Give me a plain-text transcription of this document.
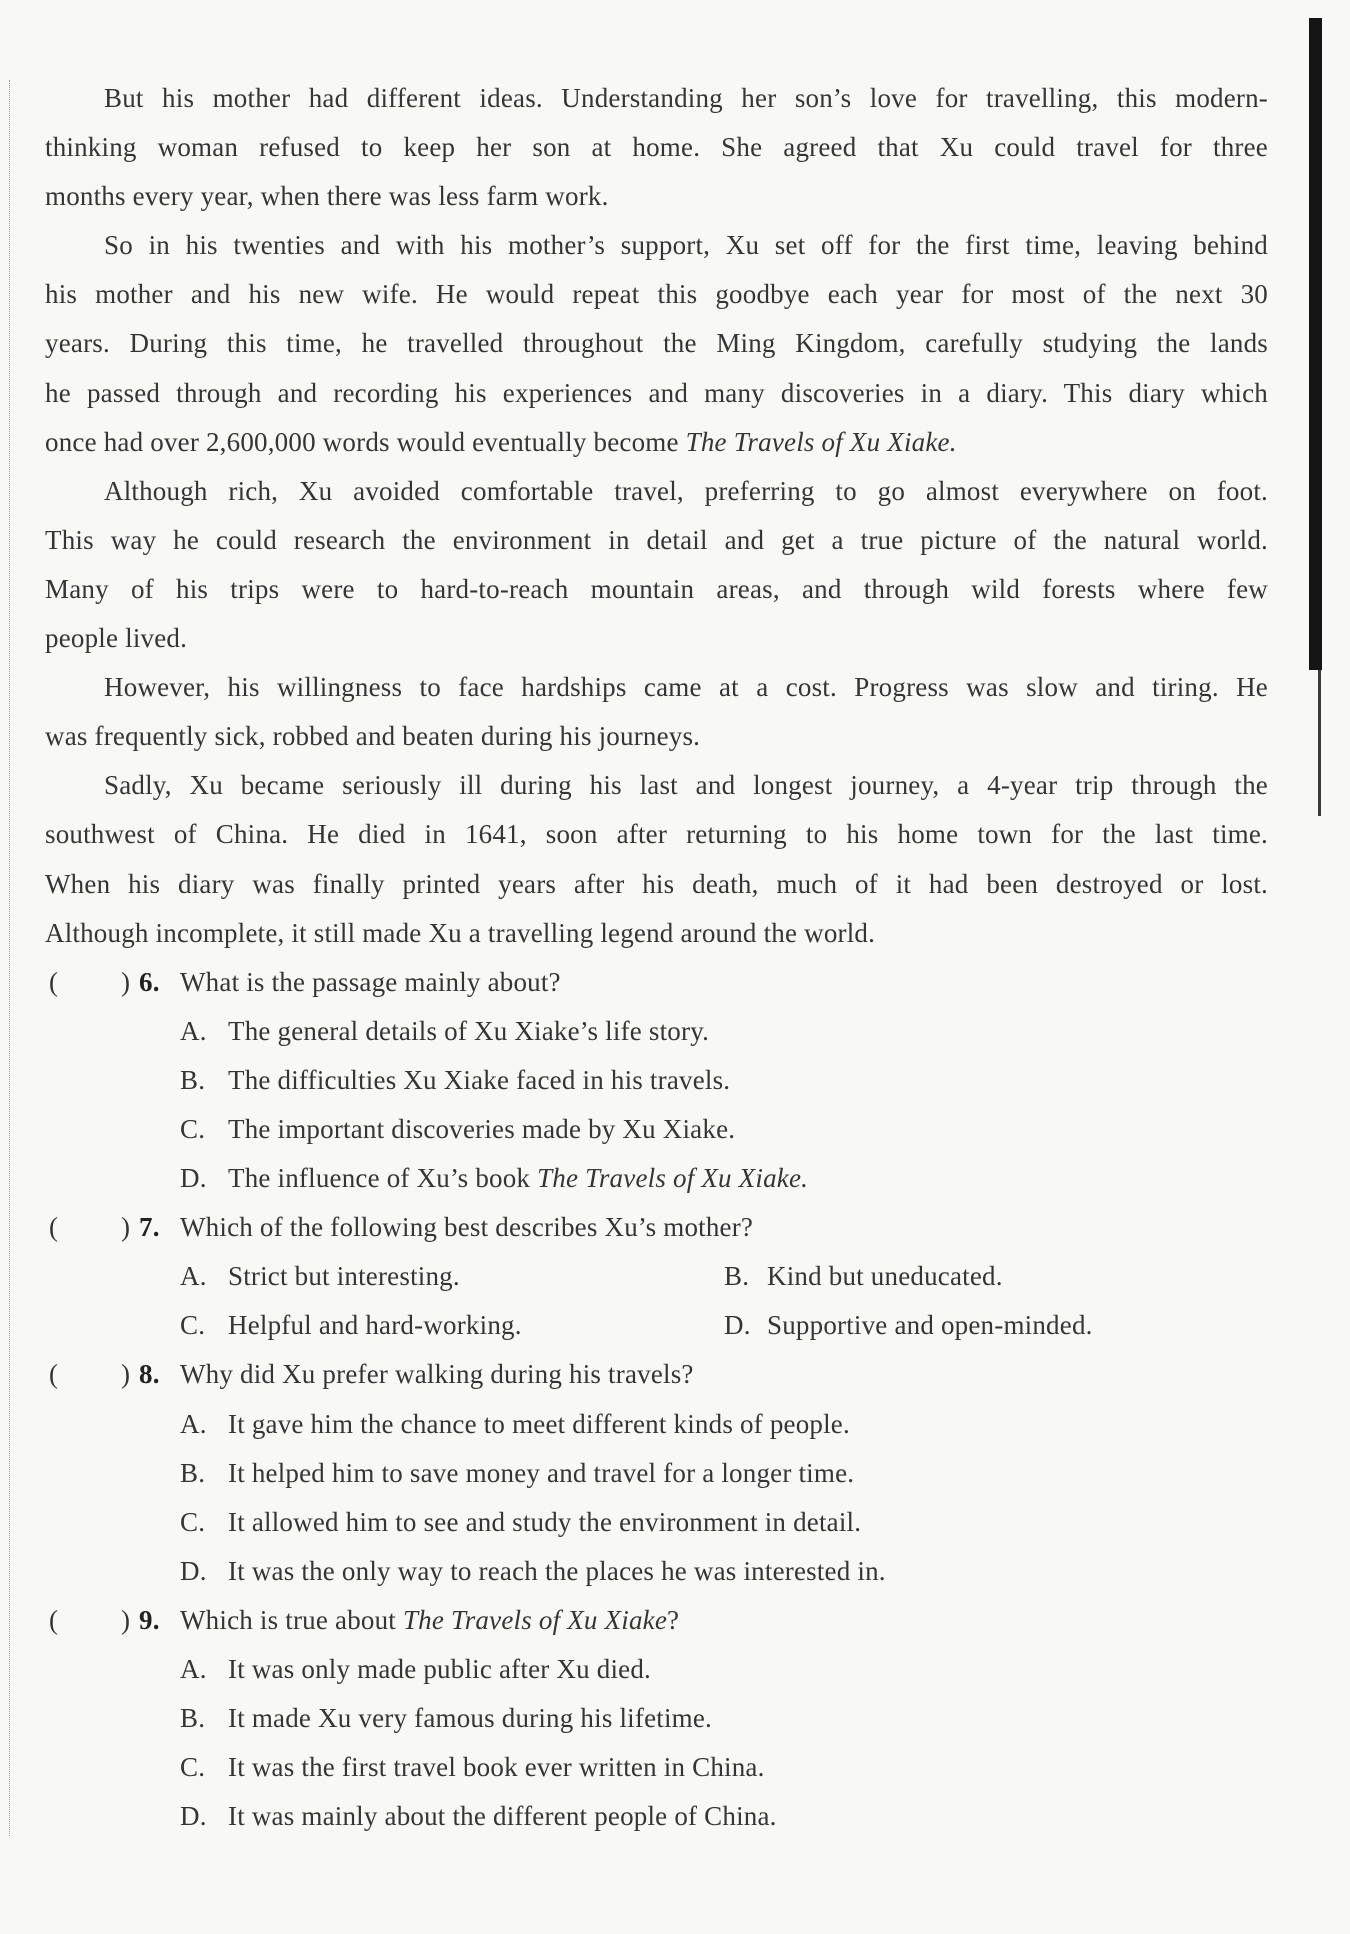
But his mother had different ideas. Understanding her son’s love for travelling, this modern-
thinking woman refused to keep her son at home. She agreed that Xu could travel for three
months every year, when there was less farm work.
So in his twenties and with his mother’s support, Xu set off for the first time, leaving behind
his mother and his new wife. He would repeat this goodbye each year for most of the next 30
years. During this time, he travelled throughout the Ming Kingdom, carefully studying the lands
he passed through and recording his experiences and many discoveries in a diary. This diary which
once had over 2,600,000 words would eventually become The Travels of Xu Xiake.
Although rich, Xu avoided comfortable travel, preferring to go almost everywhere on foot.
This way he could research the environment in detail and get a true picture of the natural world.
Many of his trips were to hard-to-reach mountain areas, and through wild forests where few
people lived.
However, his willingness to face hardships came at a cost. Progress was slow and tiring. He
was frequently sick, robbed and beaten during his journeys.
Sadly, Xu became seriously ill during his last and longest journey, a 4-year trip through the
southwest of China. He died in 1641, soon after returning to his home town for the last time.
When his diary was finally printed years after his death, much of it had been destroyed or lost.
Although incomplete, it still made Xu a travelling legend around the world.
( ) 6. What is the passage mainly about?
A. The general details of Xu Xiake’s life story.
B. The difficulties Xu Xiake faced in his travels.
C. The important discoveries made by Xu Xiake.
D. The influence of Xu’s book The Travels of Xu Xiake.
( ) 7. Which of the following best describes Xu’s mother?
A. Strict but interesting.	B. Kind but uneducated.
C. Helpful and hard-working.	D. Supportive and open-minded.
( ) 8. Why did Xu prefer walking during his travels?
A. It gave him the chance to meet different kinds of people.
B. It helped him to save money and travel for a longer time.
C. It allowed him to see and study the environment in detail.
D. It was the only way to reach the places he was interested in.
( ) 9. Which is true about The Travels of Xu Xiake?
A. It was only made public after Xu died.
B. It made Xu very famous during his lifetime.
C. It was the first travel book ever written in China.
D. It was mainly about the different people of China.
